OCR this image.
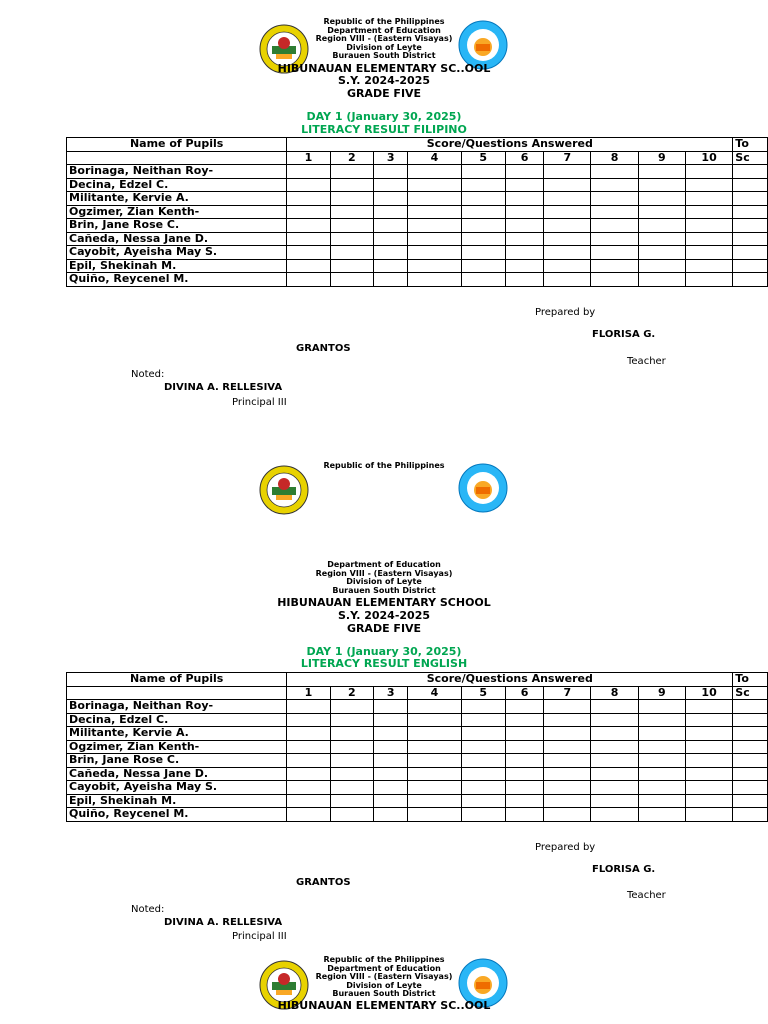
Republic of the Philippines
Department of Education
Region VIII - (Eastern Visayas)
Division of Leyte
Burauen South District
HIBUNAUAN ELEMENTARY SC..OOL
S.Y. 2024-2025
GRADE FIVE
DAY 1 (January 30, 2025)
LITERACY RESULT FILIPINO
Name of Pupils	Score/Questions Answered										To
	1	2	3	4	5	6	7	8	9	10	Sc
Borinaga, Neithan Roy-											
Decina, Edzel C.											
Militante, Kervie A.											
Ogzimer, Zian Kenth-											
Brin, Jane Rose C.											
Cañeda, Nessa Jane D.											
Cayobit, Ayeisha May S.											
Epil, Shekinah M.											
Quiño, Reycenel M.											
Prepared by
FLORISA G.
GRANTOS
Teacher
Noted:
DIVINA A. RELLESIVA
Principal III
Republic of the Philippines
Department of Education
Region VIII - (Eastern Visayas)
Division of Leyte
Burauen South District
HIBUNAUAN ELEMENTARY SCHOOL
S.Y. 2024-2025
GRADE FIVE
DAY 1 (January 30, 2025)
LITERACY RESULT ENGLISH
Name of Pupils	Score/Questions Answered										To
	1	2	3	4	5	6	7	8	9	10	Sc
Borinaga, Neithan Roy-											
Decina, Edzel C.											
Militante, Kervie A.											
Ogzimer, Zian Kenth-											
Brin, Jane Rose C.											
Cañeda, Nessa Jane D.											
Cayobit, Ayeisha May S.											
Epil, Shekinah M.											
Quiño, Reycenel M.											
Prepared by
FLORISA G.
GRANTOS
Teacher
Noted:
DIVINA A. RELLESIVA
Principal III
Republic of the Philippines
Department of Education
Region VIII - (Eastern Visayas)
Division of Leyte
Burauen South District
HIBUNAUAN ELEMENTARY SC..OOL
